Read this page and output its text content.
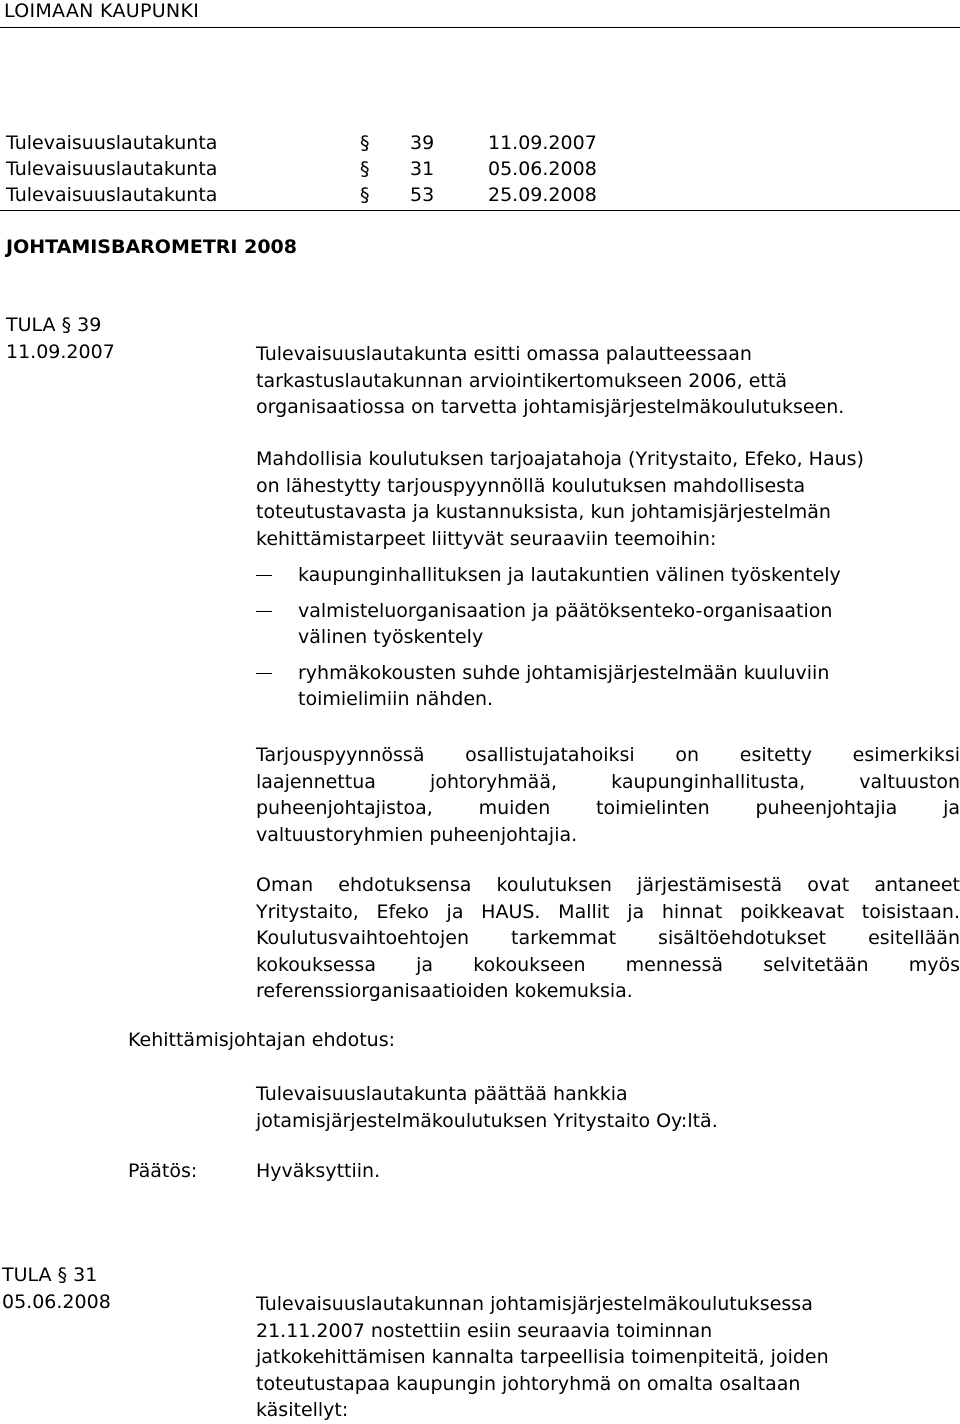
LOIMAAN KAUPUNKI
Tulevaisuuslautakunta	§ 39	11.09.2007
Tulevaisuuslautakunta	§ 31	05.06.2008
Tulevaisuuslautakunta	§ 53	25.09.2008
JOHTAMISBAROMETRI 2008
TULA § 39
11.09.2007	Tulevaisuuslautakunta esitti omassa palautteessaan
tarkastuslautakunnan arviointikertomukseen 2006, että
organisaatiossa on tarvetta johtamisjärjestelmäkoulutukseen.
Mahdollisia koulutuksen tarjoajatahoja (Yritystaito, Efeko, Haus)
on lähestytty tarjouspyynnöllä koulutuksen mahdollisesta
toteutustavasta ja kustannuksista, kun johtamisjärjestelmän
kehittämistarpeet liittyvät seuraaviin teemoihin:
kaupunginhallituksen ja lautakuntien välinen työskentely
valmisteluorganisaation ja päätöksenteko-organisaation
välinen työskentely
ryhmäkokousten suhde johtamisjärjestelmään kuuluviin
toimielimiin nähden.
Tarjouspyynnössä osallistujatahoiksi on esitetty esimerkiksi
laajennettua johtoryhmää, kaupunginhallitusta, valtuuston
puheenjohtajistoa, muiden toimielinten puheenjohtajia ja
valtuustoryhmien puheenjohtajia.
Oman ehdotuksensa koulutuksen järjestämisestä ovat antaneet
Yritystaito, Efeko ja HAUS. Mallit ja hinnat poikkeavat toisistaan.
Koulutusvaihtoehtojen tarkemmat sisältöehdotukset esitellään
kokouksessa ja kokoukseen mennessä selvitetään myös
referenssiorganisaatioiden kokemuksia.
Kehittämisjohtajan ehdotus:
Tulevaisuuslautakunta päättää hankkia
jotamisjärjestelmäkoulutuksen Yritystaito Oy:ltä.
Päätös:	Hyväksyttiin.
TULA § 31
05.06.2008	Tulevaisuuslautakunnan johtamisjärjestelmäkoulutuksessa
21.11.2007 nostettiin esiin seuraavia toiminnan
jatkokehittämisen kannalta tarpeellisia toimenpiteitä, joiden
toteutustapaa kaupungin johtoryhmä on omalta osaltaan
käsitellyt:
